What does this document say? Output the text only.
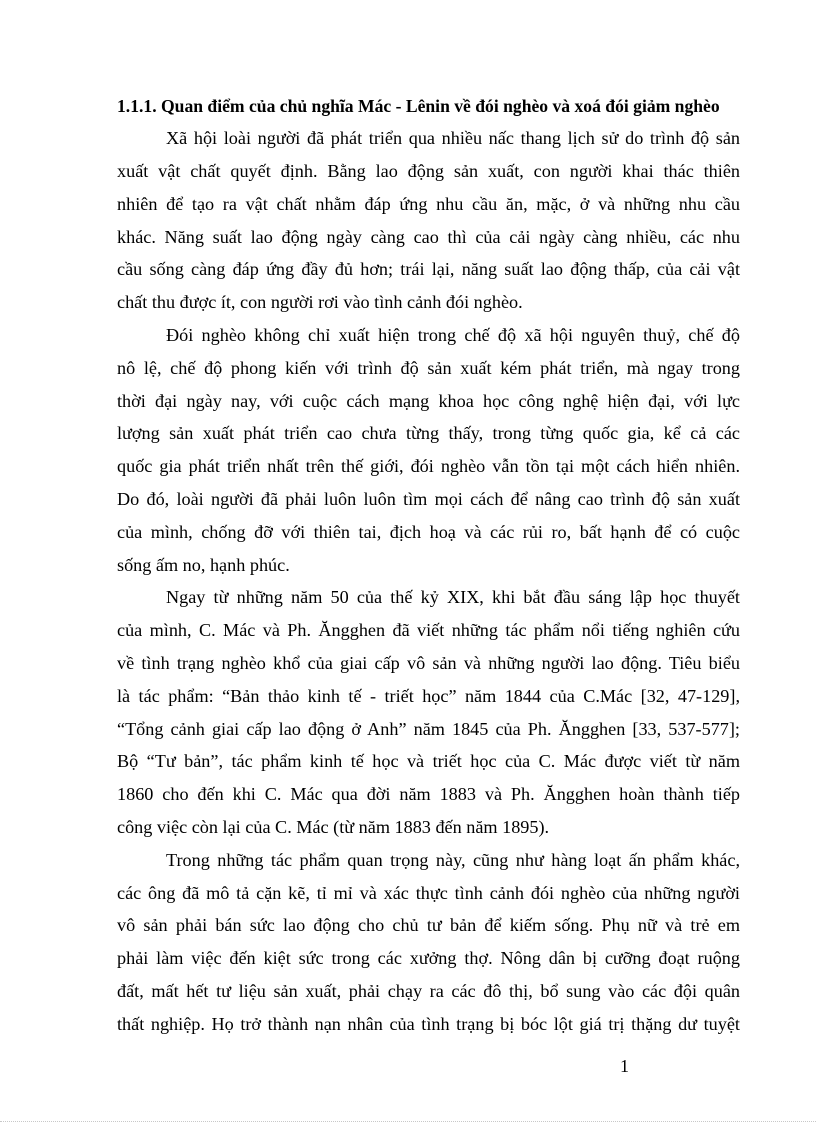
1.1.1. Quan điểm của chủ nghĩa Mác - Lênin về đói nghèo và xoá đói giảm nghèo
Xã hội loài người đã phát triển qua nhiều nấc thang lịch sử do trình độ sản
xuất vật chất quyết định. Bằng lao động sản xuất, con người khai thác thiên
nhiên để tạo ra vật chất nhằm đáp ứng nhu cầu ăn, mặc, ở và những nhu cầu
khác. Năng suất lao động ngày càng cao thì của cải ngày càng nhiều, các nhu
cầu sống càng đáp ứng đầy đủ hơn; trái lại, năng suất lao động thấp, của cải vật
chất thu được ít, con người rơi vào tình cảnh đói nghèo.
Đói nghèo không chỉ xuất hiện trong chế độ xã hội nguyên thuỷ, chế độ
nô lệ, chế độ phong kiến với trình độ sản xuất kém phát triển, mà ngay trong
thời đại ngày nay, với cuộc cách mạng khoa học công nghệ hiện đại, với lực
lượng sản xuất phát triển cao chưa từng thấy, trong từng quốc gia, kể cả các
quốc gia phát triển nhất trên thế giới, đói nghèo vẫn tồn tại một cách hiển nhiên.
Do đó, loài người đã phải luôn luôn tìm mọi cách để nâng cao trình độ sản xuất
của mình, chống đỡ với thiên tai, địch hoạ và các rủi ro, bất hạnh để có cuộc
sống ấm no, hạnh phúc.
Ngay từ những năm 50 của thế kỷ XIX, khi bắt đầu sáng lập học thuyết
của mình, C. Mác và Ph. Ăngghen đã viết những tác phẩm nổi tiếng nghiên cứu
về tình trạng nghèo khổ của giai cấp vô sản và những người lao động. Tiêu biểu
là tác phẩm: “Bản thảo kinh tế - triết học” năm 1844 của C.Mác [32, 47-129],
“Tổng cảnh giai cấp lao động ở Anh” năm 1845 của Ph. Ăngghen [33, 537-577];
Bộ “Tư bản”, tác phẩm kinh tế học và triết học của C. Mác được viết từ năm
1860 cho đến khi C. Mác qua đời năm 1883 và Ph. Ăngghen hoàn thành tiếp
công việc còn lại của C. Mác (từ năm 1883 đến năm 1895).
Trong những tác phẩm quan trọng này, cũng như hàng loạt ấn phẩm khác,
các ông đã mô tả cặn kẽ, tỉ mỉ và xác thực tình cảnh đói nghèo của những người
vô sản phải bán sức lao động cho chủ tư bản để kiếm sống. Phụ nữ và trẻ em
phải làm việc đến kiệt sức trong các xưởng thợ. Nông dân bị cưỡng đoạt ruộng
đất, mất hết tư liệu sản xuất, phải chạy ra các đô thị, bổ sung vào các đội quân
thất nghiệp. Họ trở thành nạn nhân của tình trạng bị bóc lột giá trị thặng dư tuyệt
1
